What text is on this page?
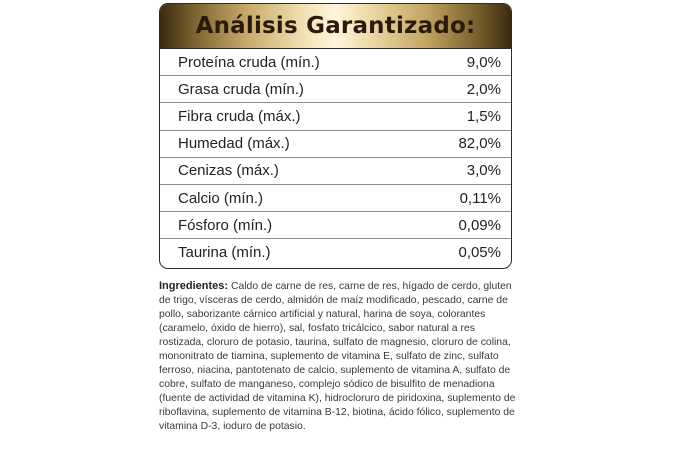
Análisis Garantizado:
Proteína cruda (mín.)	9,0%
Grasa cruda (mín.)	2,0%
Fibra cruda (máx.)	1,5%
Humedad (máx.)	82,0%
Cenizas (máx.)	3,0%
Calcio (mín.)	0,11%
Fósforo (mín.)	0,09%
Taurina (mín.)	0,05%
Ingredientes: Caldo de carne de res, carne de res, hígado de cerdo, gluten de trigo, vísceras de cerdo, almidón de maíz modificado, pescado, carne de pollo, saborizante cárnico artificial y natural, harina de soya, colorantes (caramelo, óxido de hierro), sal, fosfato tricálcico, sabor natural a res rostizada, cloruro de potasio, taurina, sulfato de magnesio, cloruro de colina, mononitrato de tiamina, suplemento de vitamina E, sulfato de zinc, sulfato ferroso, niacina, pantotenato de calcio, suplemento de vitamina A, sulfato de cobre, sulfato de manganeso, complejo sódico de bisulfito de menadiona (fuente de actividad de vitamina K), hidrocloruro de piridoxina, suplemento de riboflavina, suplemento de vitamina B-12, biotina, ácido fólico, suplemento de vitamina D-3, ioduro de potasio.
